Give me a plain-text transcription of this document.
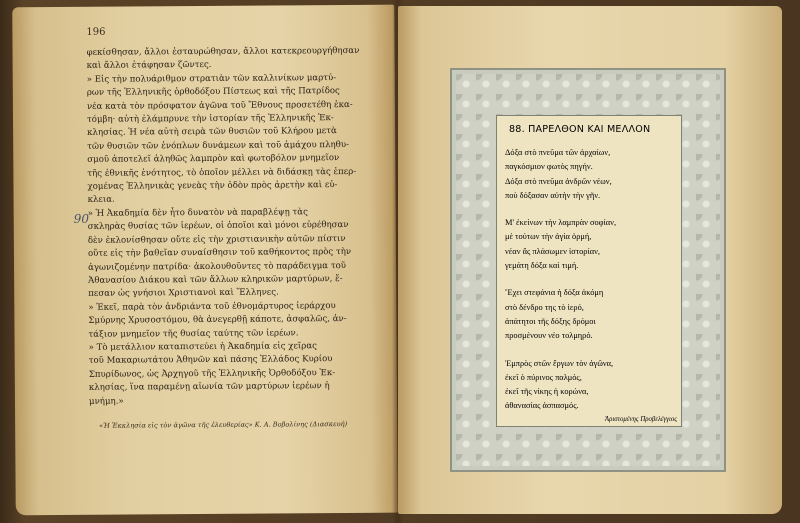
196
90
φεκίσθησαν, ἄλλοι ἐσταυρώθησαν, ἄλλοι κατεκρεουργήθησαν
καὶ ἄλλοι ἐτάφησαν ζῶντες.
» Εἰς τὴν πολυάριθμον στρατιὰν τῶν καλλινίκων μαρτύ-
ρων τῆς Ἑλληνικῆς ὀρθοδόξου Πίστεως καὶ τῆς Πατρίδος
νέα κατὰ τὸν πρόσφατον ἀγῶνα τοῦ Ἔθνους προσετέθη ἑκα-
τόμβη· αὐτὴ ἐλάμπρυνε τὴν ἱστορίαν τῆς Ἑλληνικῆς Ἐκ-
κλησίας. Ἡ νέα αὐτὴ σειρὰ τῶν θυσιῶν τοῦ Κλήρου μετὰ
τῶν θυσιῶν τῶν ἐνόπλων δυνάμεων καὶ τοῦ ἀμάχου πληθυ-
σμοῦ ἀποτελεῖ ἀληθῶς λαμπρὸν καὶ φωτοβόλον μνημεῖον
τῆς ἐθνικῆς ἑνότητος, τὸ ὁποῖον μέλλει νὰ διδάσκῃ τὰς ἐπερ-
χομένας Ἑλληνικὰς γενεὰς τὴν ὁδὸν πρὸς ἀρετὴν καὶ εὐ-
κλεια.
» Ἡ Ἀκαδημία δὲν ἦτο δυνατὸν νὰ παραβλέψῃ τὰς
σκληρὰς θυσίας τῶν ἱερέων, οἱ ὁποῖοι καὶ μόνοι εὑρέθησαν
δὲν ἐκλονίσθησαν οὔτε εἰς τὴν χριστιανικὴν αὐτῶν πίστιν
οὔτε εἰς τὴν βαθεῖαν συναίσθησιν τοῦ καθήκοντος πρὸς τὴν
ἀγωνιζομένην πατρίδα· ἀκολουθοῦντες τὸ παράδειγμα τοῦ
Ἀθανασίου Διάκου καὶ τῶν ἄλλων κληρικῶν μαρτύρων, ἔ-
πεσαν ὡς γνήσιοι Χριστιανοὶ καὶ Ἕλληνες.
» Ἐκεῖ, παρὰ τὸν ἀνδριάντα τοῦ ἐθνομάρτυρος ἱεράρχου
Σμύρνης Χρυσοστόμου, θὰ ἀνεγερθῇ κάποτε, ἀσφαλῶς, ἀν-
τάξιον μνημεῖον τῆς θυσίας ταύτης τῶν ἱερέων.
» Τὸ μετάλλιον καταπιστεύει ἡ Ἀκαδημία εἰς χεῖρας
τοῦ Μακαριωτάτου Ἀθηνῶν καὶ πάσης Ἑλλάδος Κυρίου
Σπυρίδωνος, ὡς Ἀρχηγοῦ τῆς Ἑλληνικῆς Ὀρθοδόξου Ἐκ-
κλησίας, ἵνα παραμένῃ αἰωνία τῶν μαρτύρων ἱερέων ἡ
μνήμη.»
«Ἡ Ἐκκλησία εἰς τὸν ἀγῶνα τῆς ἐλευθερίας» Κ. Α. Βοβολίνης (Διασκευή)
88. ΠΑΡΕΛΘΟΝ ΚΑΙ ΜΕΛΛΟΝ
Δόξα στὸ πνεῦμα τῶν ἀρχαίων,
παγκόσμιον φωτὸς πηγήν.
Δόξα στὸ πνεῦμα ἀνδρῶν νέων,
ποὺ δόξασαν αὐτὴν τὴν γῆν.
Μ' ἐκείνων τὴν λαμπρὰν σοφίαν,
μὲ τούτων τὴν ἁγία ὁρμή,
νέαν ἂς πλάσωμεν ἱστορίαν,
γεμάτη δόξα καὶ τιμή.
Ἔχει στεφάνια ἡ δόξα ἀκόμη
στὸ δένδρο της τὸ ἱερό,
ἁπάτητοι τῆς δόξης δρόμοι
προσμένουν νέο τολμηρό.
Ἐμπρὸς στῶν ἔργων τὸν ἀγῶνα,
ἐκεῖ ὁ πύρινος παλμός,
ἐκεῖ τῆς νίκης ἡ κορώνα,
ἀθανασίας ἀσπασμός.
Ἀριστομένης Προβελέγγιος
